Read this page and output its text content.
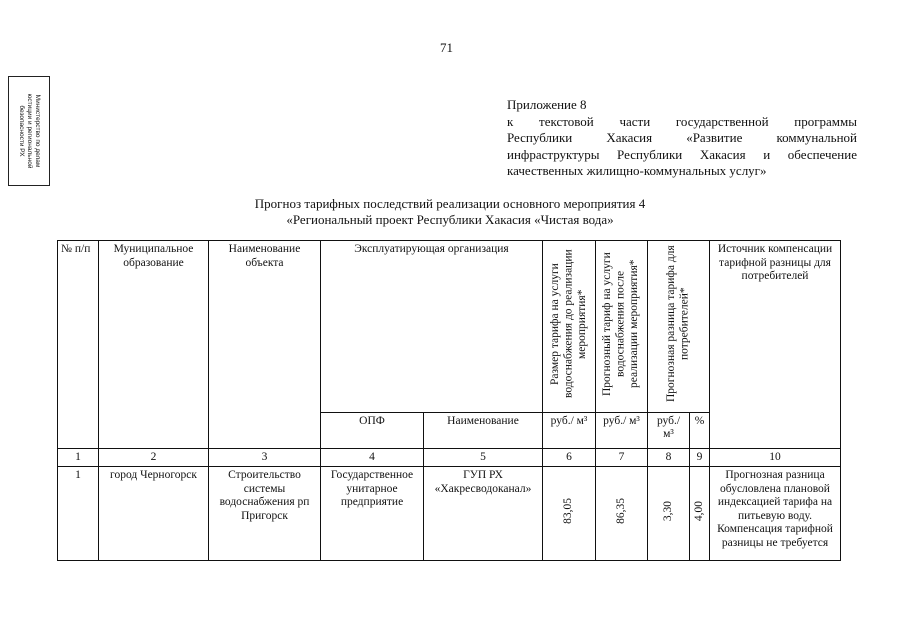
71
Министерство по делам
юстиции и региональной
безопасности РХ
Приложение 8
к текстовой части государственной программы
Республики Хакасия «Развитие коммунальной
инфраструктуры Республики Хакасия и обеспечение
качественных жилищно-коммунальных услуг»
Прогноз тарифных последствий реализации основного мероприятия 4
«Региональный проект Республики Хакасия «Чистая вода»
№ п/п	Муниципальное образование	Наименование объекта	Эксплуатирующая организация		Размер тарифа на услуги водоснабжения до реализации мероприятия*	Прогнозный тариф на услуги водоснабжения после реализации мероприятия*	Прогнозная разница тарифа для потребителей*		Источник компенсации тарифной разницы для потребителей
			ОПФ	Наименование	руб./ м³	руб./ м³	руб./ м³	%	
1	2	3	4	5	6	7	8	9	10
1	город Черногорск	Строительство системы водоснабжения рп Пригорск	Государственное унитарное предприятие	ГУП РХ «Хакресводоканал»	83,05	86,35	3,30	4,00	Прогнозная разница обусловлена плановой индексацией тарифа на питьевую воду. Компенсация тарифной разницы не требуется
